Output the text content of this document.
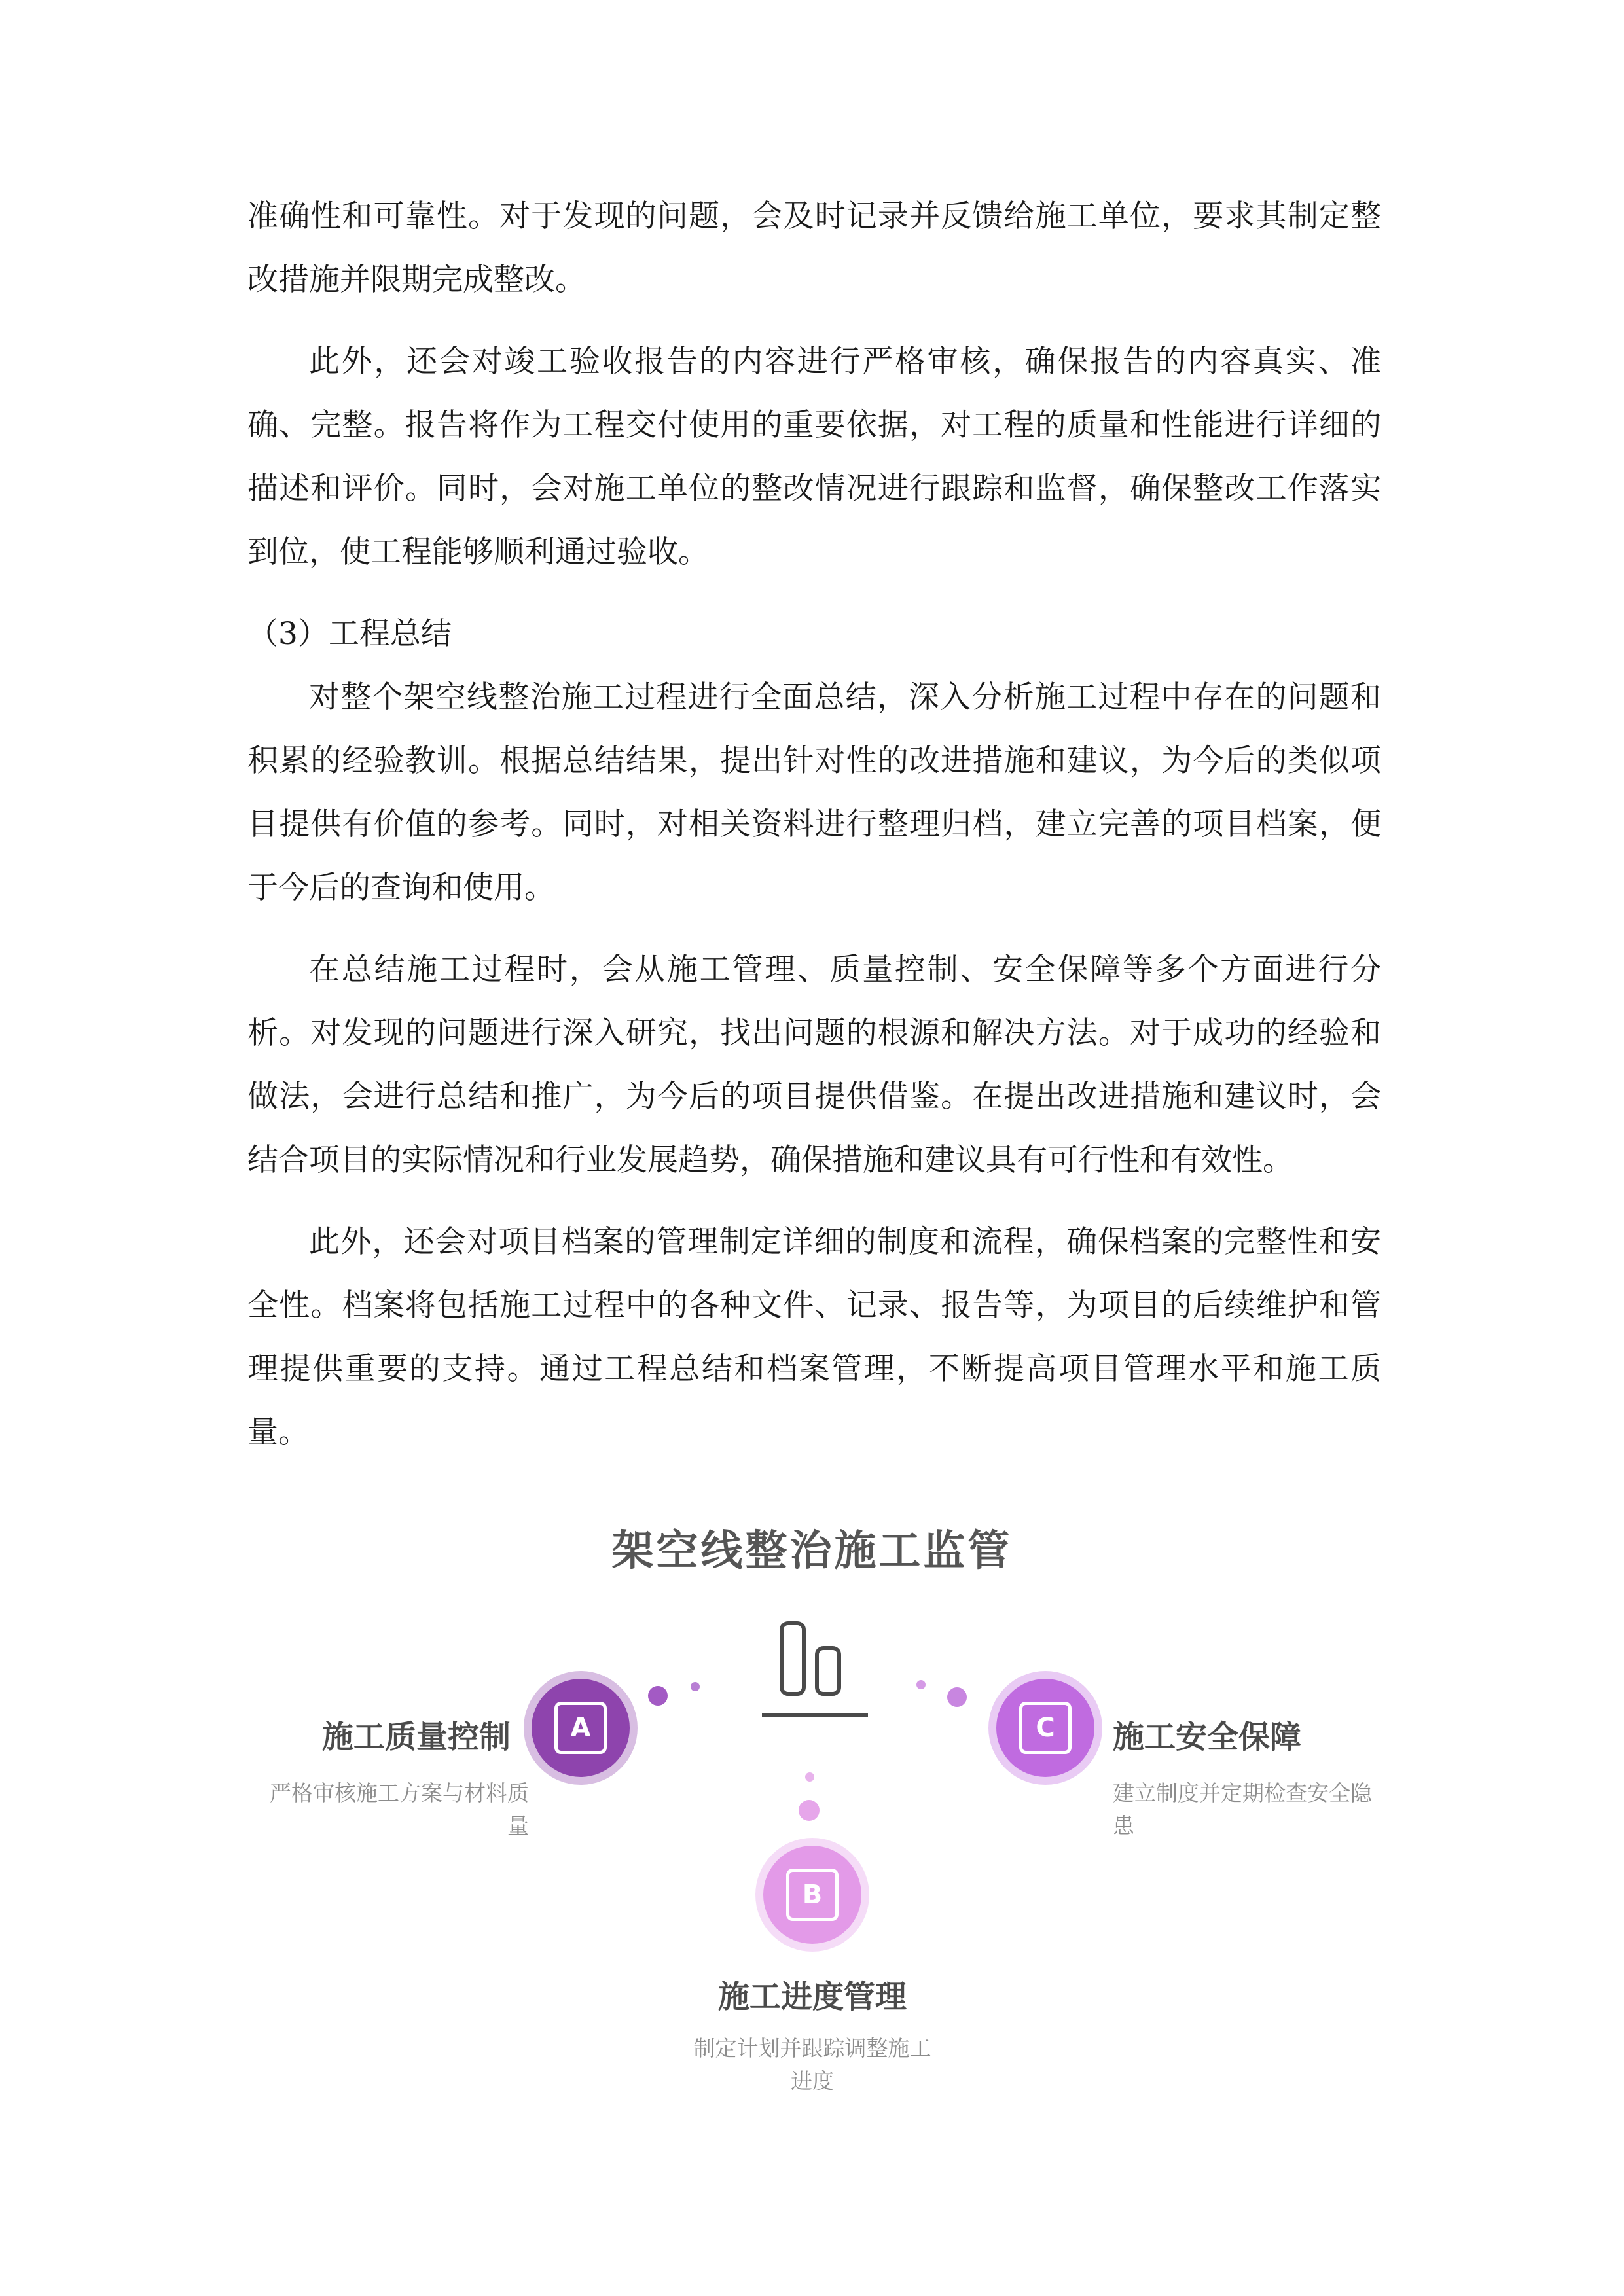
准确性和可靠性。对于发现的问题，会及时记录并反馈给施工单位，要求其制定整改措施并限期完成整改。

此外，还会对竣工验收报告的内容进行严格审核，确保报告的内容真实、准确、完整。报告将作为工程交付使用的重要依据，对工程的质量和性能进行详细的描述和评价。同时，会对施工单位的整改情况进行跟踪和监督，确保整改工作落实到位，使工程能够顺利通过验收。

（3）工程总结

对整个架空线整治施工过程进行全面总结，深入分析施工过程中存在的问题和积累的经验教训。根据总结结果，提出针对性的改进措施和建议，为今后的类似项目提供有价值的参考。同时，对相关资料进行整理归档，建立完善的项目档案，便于今后的查询和使用。

在总结施工过程时，会从施工管理、质量控制、安全保障等多个方面进行分析。对发现的问题进行深入研究，找出问题的根源和解决方法。对于成功的经验和做法，会进行总结和推广，为今后的项目提供借鉴。在提出改进措施和建议时，会结合项目的实际情况和行业发展趋势，确保措施和建议具有可行性和有效性。

此外，还会对项目档案的管理制定详细的制度和流程，确保档案的完整性和安全性。档案将包括施工过程中的各种文件、记录、报告等，为项目的后续维护和管理提供重要的支持。通过工程总结和档案管理，不断提高项目管理水平和施工质量。

架空线整治施工监管
A
施工质量控制
严格审核施工方案与材料质量
C	施工安全保障
建立制度并定期检查安全隐患
B
施工进度管理
制定计划并跟踪调整施工进度
